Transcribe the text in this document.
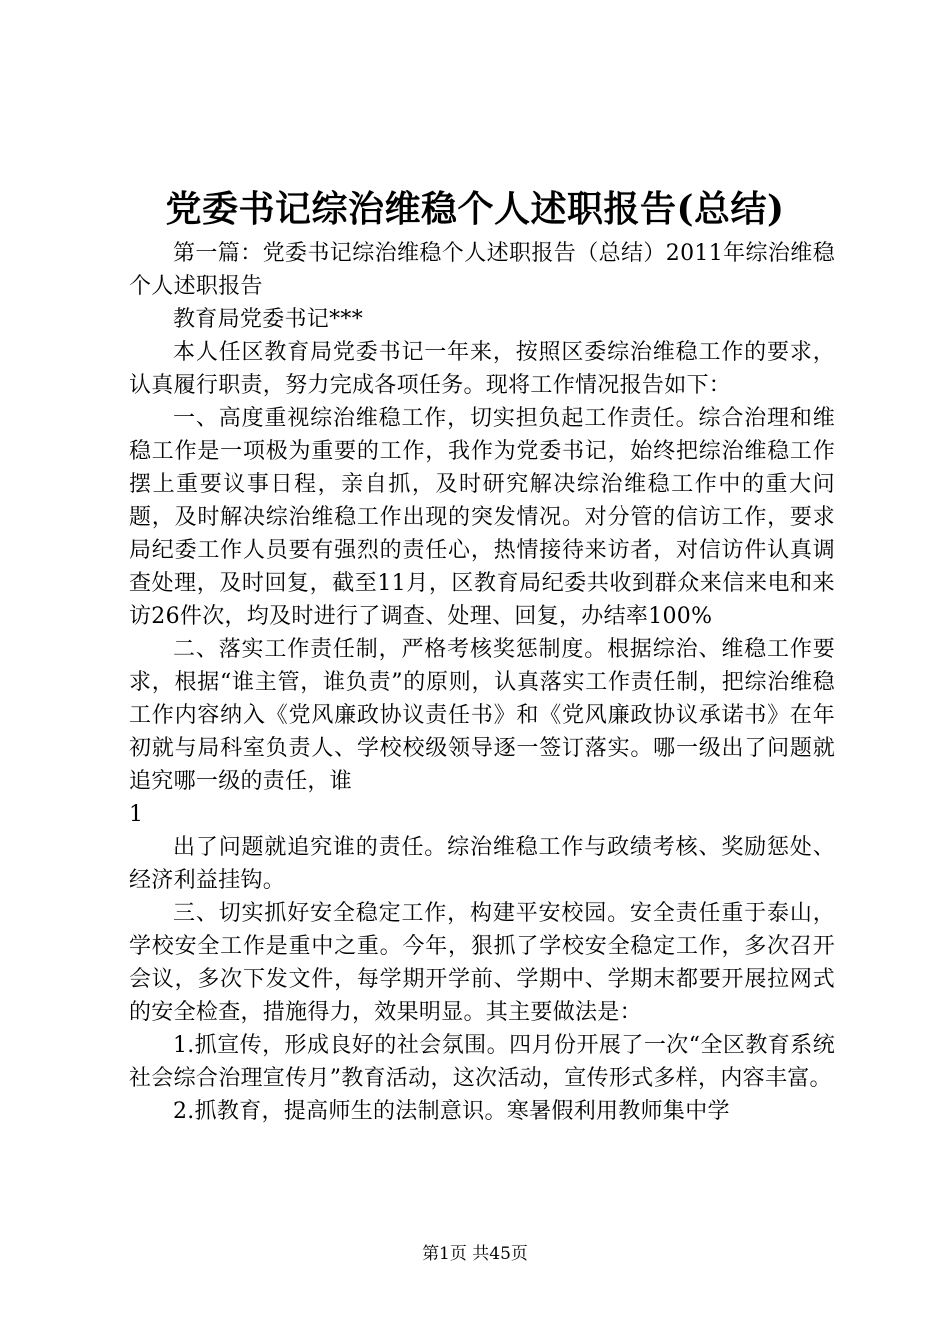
党委书记综治维稳个人述职报告(总结)

第一篇：党委书记综治维稳个人述职报告（总结）2011年综治维稳个人述职报告

教育局党委书记***

本人任区教育局党委书记一年来，按照区委综治维稳工作的要求，认真履行职责，努力完成各项任务。现将工作情况报告如下：

一、高度重视综治维稳工作，切实担负起工作责任。综合治理和维稳工作是一项极为重要的工作，我作为党委书记，始终把综治维稳工作摆上重要议事日程，亲自抓，及时研究解决综治维稳工作中的重大问题，及时解决综治维稳工作出现的突发情况。对分管的信访工作，要求局纪委工作人员要有强烈的责任心，热情接待来访者，对信访件认真调查处理，及时回复，截至11月，区教育局纪委共收到群众来信来电和来访26件次，均及时进行了调查、处理、回复，办结率100%

二、落实工作责任制，严格考核奖惩制度。根据综治、维稳工作要求，根据“谁主管，谁负责”的原则，认真落实工作责任制，把综治维稳工作内容纳入《党风廉政协议责任书》和《党风廉政协议承诺书》在年初就与局科室负责人、学校校级领导逐一签订落实。哪一级出了问题就追究哪一级的责任，谁

1

出了问题就追究谁的责任。综治维稳工作与政绩考核、奖励惩处、经济利益挂钩。

三、切实抓好安全稳定工作，构建平安校园。安全责任重于泰山，学校安全工作是重中之重。今年，狠抓了学校安全稳定工作，多次召开会议，多次下发文件，每学期开学前、学期中、学期末都要开展拉网式的安全检查，措施得力，效果明显。其主要做法是：

1.抓宣传，形成良好的社会氛围。四月份开展了一次“全区教育系统社会综合治理宣传月”教育活动，这次活动，宣传形式多样，内容丰富。

2.抓教育，提高师生的法制意识。寒暑假利用教师集中学

第1页 共45页
